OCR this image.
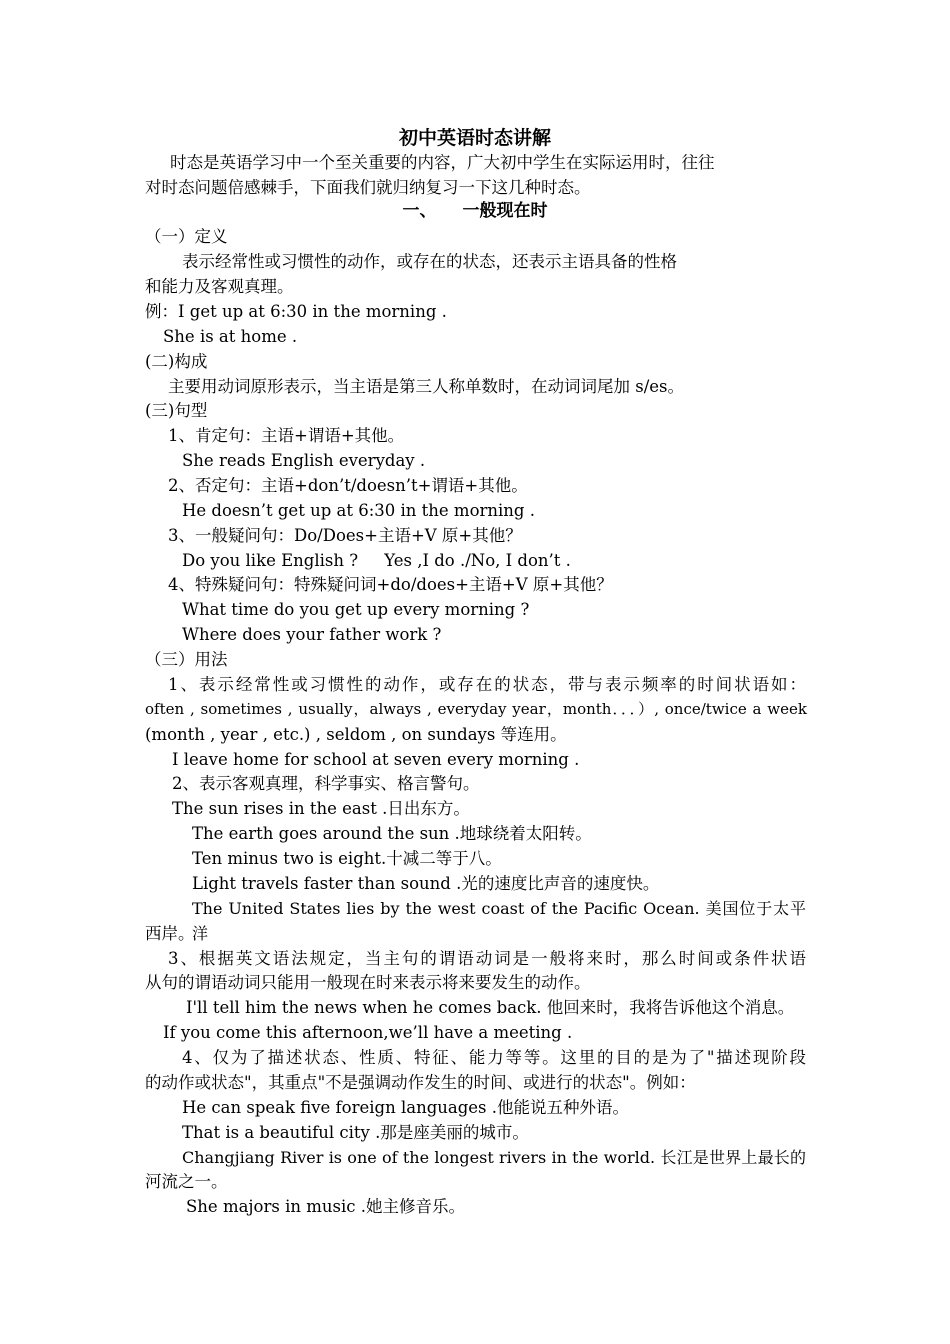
初中英语时态讲解

时态是英语学习中一个至关重要的内容，广大初中学生在实际运用时，往往

对时态问题倍感棘手，下面我们就归纳复习一下这几种时态。

一、 一般现在时

（一）定义

表示经常性或习惯性的动作，或存在的状态，还表示主语具备的性格

和能力及客观真理。

例：I get up at 6:30 in the morning .

She is at home .

(二)构成

主要用动词原形表示，当主语是第三人称单数时，在动词词尾加 s/es。

(三)句型

1、肯定句：主语+谓语+其他。

She reads English everyday .

2、否定句：主语+don’t/doesn’t+谓语+其他。

He doesn’t get up at 6:30 in the morning .

3、一般疑问句：Do/Does+主语+V 原+其他？

Do you like English ?     Yes ,I do ./No, I don’t .

4、特殊疑问句：特殊疑问词+do/does+主语+V 原+其他？

What time do you get up every morning ?

Where does your father work ?

（三）用法

1、表示经常性或习惯性的动作，或存在的状态，带与表示频率的时间状语如：

often , sometimes , usually，always , everyday year，month．．．）, once/twice a week

(month , year , etc.) , seldom , on sundays 等连用。

I leave home for school at seven every morning .

2、表示客观真理，科学事实、格言警句。

The sun rises in the east .日出东方。

The earth goes around the sun .地球绕着太阳转。

Ten minus two is eight.十减二等于八。

Light travels faster than sound .光的速度比声音的速度快。

The United States lies by the west coast of the Pacific Ocean. 美国位于太平洋

西岸。

3、根据英文语法规定，当主句的谓语动词是一般将来时，那么时间或条件状语

从句的谓语动词只能用一般现在时来表示将来要发生的动作。

I'll tell him the news when he comes back. 他回来时，我将告诉他这个消息。

If you come this afternoon,we’ll have a meeting .

4、仅为了描述状态、性质、特征、能力等等。这里的目的是为了"描述现阶段

的动作或状态"，其重点"不是强调动作发生的时间、或进行的状态"。例如：

He can speak five foreign languages .他能说五种外语。

That is a beautiful city .那是座美丽的城市。

Changjiang River is one of the longest rivers in the world. 长江是世界上最长的

河流之一。

She majors in music .她主修音乐。
